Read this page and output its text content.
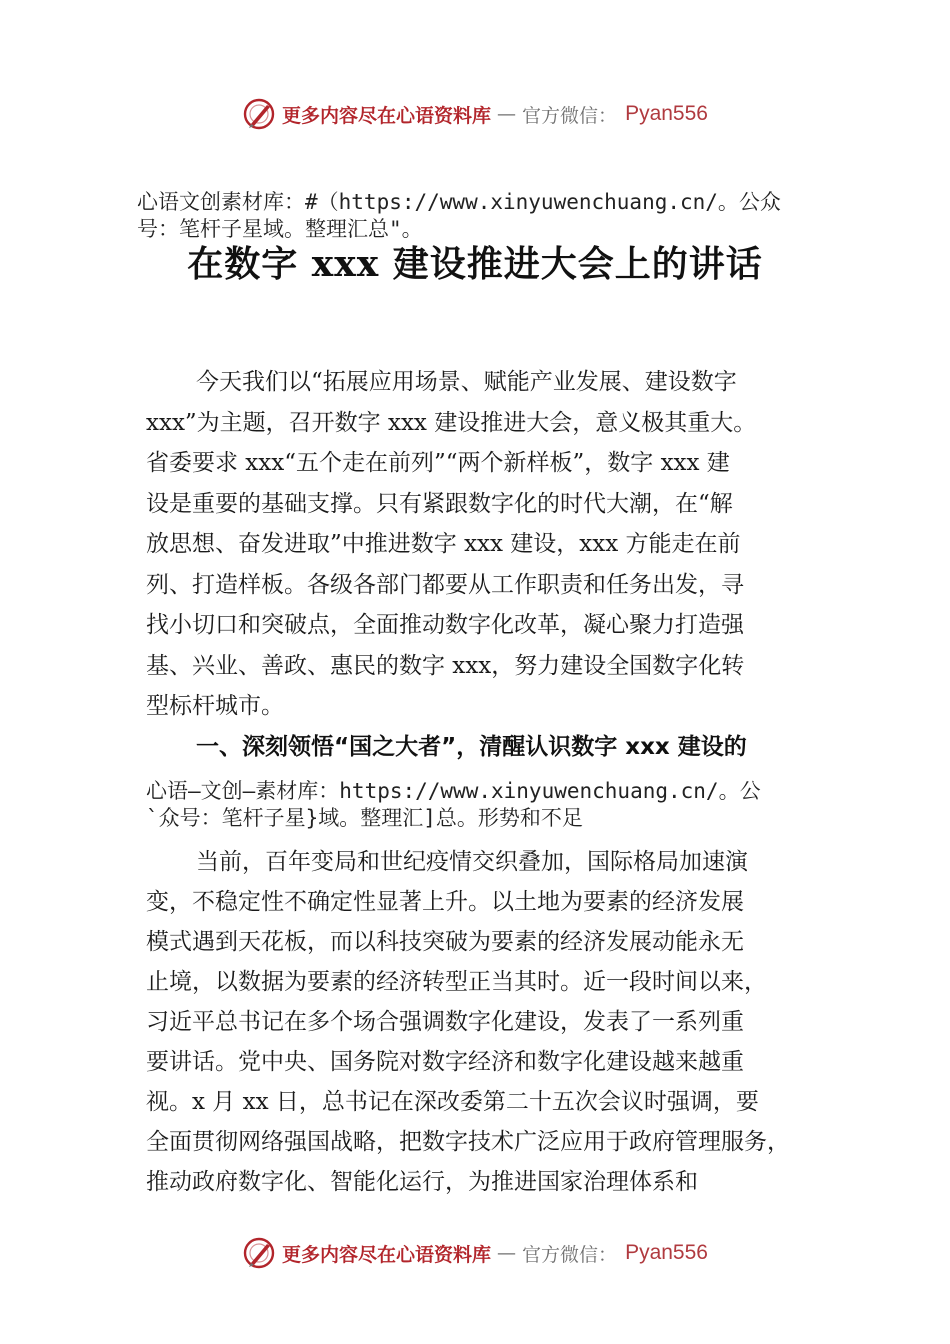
更多内容尽在心语资料库 — 官方微信： Pyan556
心语文创素材库：#（https://www.xinyuwenchuang.cn/。公众
号：笔杆子星域。整理汇总"。
在数字 xxx 建设推进大会上的讲话
今天我们以“拓展应用场景、赋能产业发展、建设数字
xxx”为主题，召开数字 xxx 建设推进大会，意义极其重大。
省委要求 xxx“五个走在前列”“两个新样板”，数字 xxx 建
设是重要的基础支撑。只有紧跟数字化的时代大潮，在“解
放思想、奋发进取”中推进数字 xxx 建设，xxx 方能走在前
列、打造样板。各级各部门都要从工作职责和任务出发，寻
找小切口和突破点，全面推动数字化改革，凝心聚力打造强
基、兴业、善政、惠民的数字 xxx，努力建设全国数字化转
型标杆城市。
一、深刻领悟“国之大者”，清醒认识数字 xxx 建设的
心语—文创—素材库：https://www.xinyuwenchuang.cn/。公
`众号：笔杆子星}域。整理汇]总。形势和不足
当前，百年变局和世纪疫情交织叠加，国际格局加速演
变，不稳定性不确定性显著上升。以土地为要素的经济发展
模式遇到天花板，而以科技突破为要素的经济发展动能永无
止境，以数据为要素的经济转型正当其时。近一段时间以来，
习近平总书记在多个场合强调数字化建设，发表了一系列重
要讲话。党中央、国务院对数字经济和数字化建设越来越重
视。x 月 xx 日，总书记在深改委第二十五次会议时强调，要
全面贯彻网络强国战略，把数字技术广泛应用于政府管理服务，
推动政府数字化、智能化运行，为推进国家治理体系和
更多内容尽在心语资料库 — 官方微信： Pyan556
